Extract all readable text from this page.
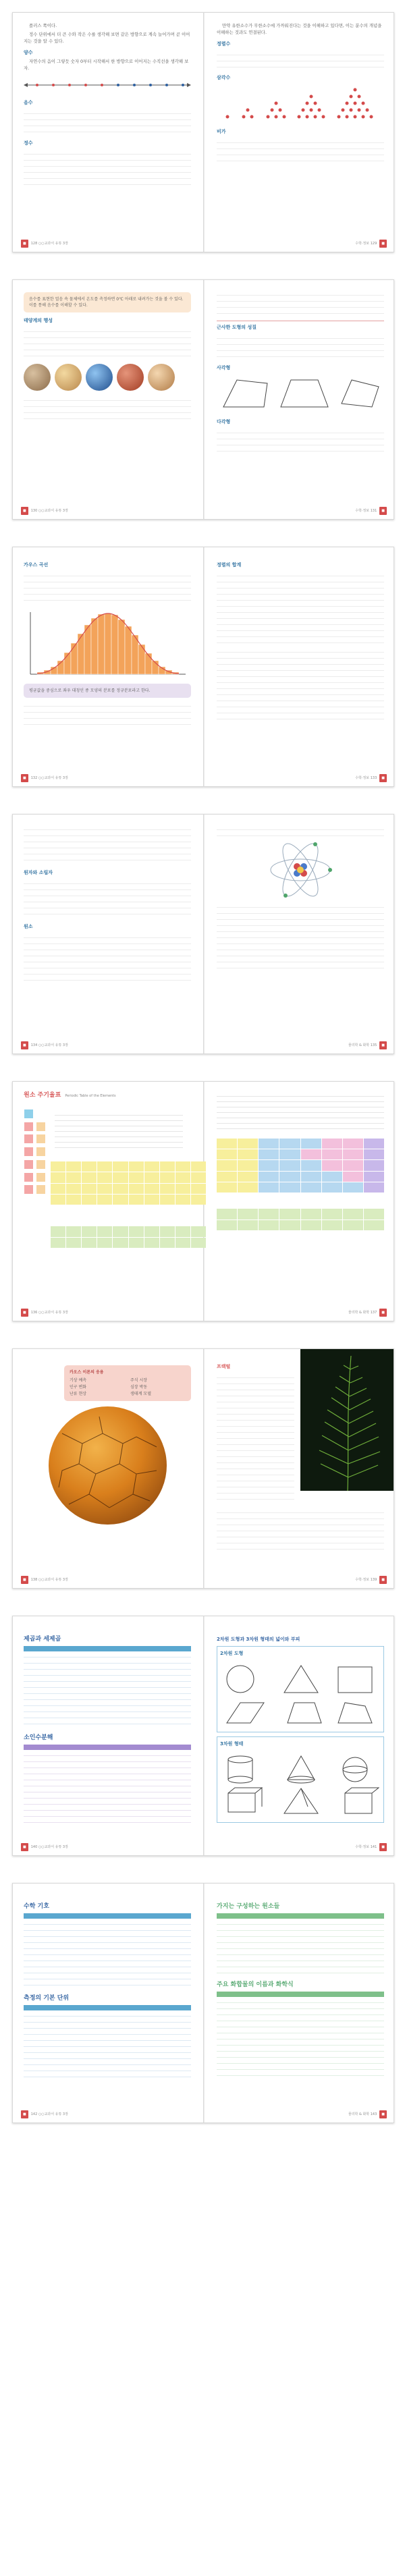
플러스 쪽이다.
정수 단위에서 더 큰 수와 작은 수를 생각해 보면 같은 방향으로 계속 늘어가며 곧 이어지는 것을 알 수 있다.
양수
자연수의 음이 그렇듯 숫자 0부터 시작해서 한 방향으로 이어지는 수직선을 생각해 보자.
음수
정수
■	128 ○○교과서 유튜 3장
만약 유한소수가 무한소수에 가까워진다는 것을 이해하고 있다면, 이는 분수의 개념을 이해하는 것과도 연결된다.
정렬수
삼각수
비가
수학·정보 129	■
음수를 표현한 얼음 속 물체에서 온도를 측정하면 0℃ 아래로 내려가는 것을 볼 수 있다. 이를 통해 음수를 이해할 수 있다.
태양계의 행성
■	130 ○○교과서 유튜 3장
근사한 도형의 성질
사각형
다각형
수학·정보 131	■
가우스 곡선
평균값을 중심으로 좌우 대칭인 종 모양의 분포를 정규분포라고 한다.
■	132 ○○교과서 유튜 3장
정렬의 합계
수학·정보 133	■
원자와 소립자
원소
■	134 ○○교과서 유튜 3장	물리학 & 화학 135	■
원소 주기율표 Periodic Table of the Elements
■	136 ○○교과서 유튜 3장	물리학 & 화학 137	■
카오스 이론의 응용
기상 예측	주식 시장
인구 변화	심장 박동
난류 현상	생태계 모델
■	138 ○○교과서 유튜 3장
프랙털
수학·정보 139	■
제곱과 세제곱
소인수분해
■	140 ○○교과서 유튜 3장
2차원 도형과 3차원 형태의 넓이와 부피
2차원 도형
3차원 형태
수학·정보 141	■
수학 기호
측정의 기본 단위
■	142 ○○교과서 유튜 3장
가지는 구성하는 원소들
주요 화합물의 이름과 화학식
물리학 & 화학 143	■
